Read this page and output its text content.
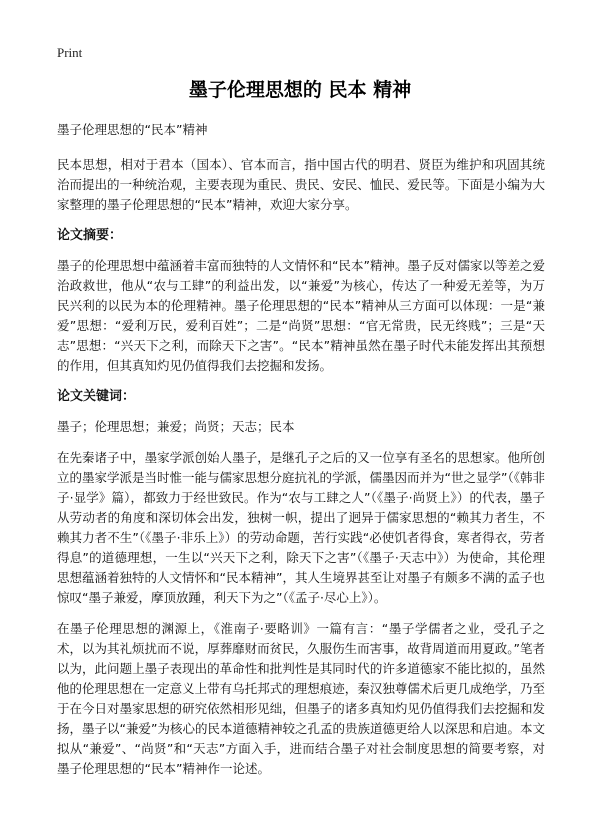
Print
墨子伦理思想的 民本 精神

墨子伦理思想的“民本”精神

民本思想，相对于君本（国本）、官本而言，指中国古代的明君、贤臣为维护和巩固其统治而提出的一种统治观，主要表现为重民、贵民、安民、恤民、爱民等。下面是小编为大家整理的墨子伦理思想的“民本”精神，欢迎大家分享。

论文摘要：

墨子的伦理思想中蕴涵着丰富而独特的人文情怀和“民本”精神。墨子反对儒家以等差之爱治政救世，他从“农与工肆”的利益出发，以“兼爱”为核心，传达了一种爱无差等，为万民兴利的以民为本的伦理精神。墨子伦理思想的“民本”精神从三方面可以体现：一是“兼爱”思想：“爱利万民，爱利百姓”；二是“尚贤”思想：“官无常贵，民无终贱”；三是“天志”思想：“兴天下之利，而除天下之害”。“民本”精神虽然在墨子时代未能发挥出其预想的作用，但其真知灼见仍值得我们去挖掘和发扬。

论文关键词：

墨子；伦理思想；兼爱；尚贤；天志；民本

在先秦诸子中，墨家学派创始人墨子，是继孔子之后的又一位享有圣名的思想家。他所创立的墨家学派是当时惟一能与儒家思想分庭抗礼的学派，儒墨因而并为“世之显学”（《韩非子·显学》篇），都致力于经世致民。作为“农与工肆之人”（《墨子·尚贤上》）的代表，墨子从劳动者的角度和深切体会出发，独树一帜，提出了迥异于儒家思想的“赖其力者生，不赖其力者不生”（《墨子·非乐上》）的劳动命题，苦行实践“必使饥者得食，寒者得衣，劳者得息”的道德理想，一生以“兴天下之利，除天下之害”（《墨子·天志中》）为使命，其伦理思想蕴涵着独特的人文情怀和“民本精神”，其人生境界甚至让对墨子有颇多不满的孟子也惊叹“墨子兼爱，摩顶放踵，利天下为之”（《孟子·尽心上》）。

在墨子伦理思想的渊源上，《淮南子·要略训》一篇有言：“墨子学儒者之业，受孔子之术，以为其礼烦扰而不说，厚葬靡财而贫民，久服伤生而害事，故背周道而用夏政。”笔者以为，此问题上墨子表现出的革命性和批判性是其同时代的许多道德家不能比拟的，虽然他的伦理思想在一定意义上带有乌托邦式的理想痕迹，秦汉独尊儒术后更几成绝学，乃至于在今日对墨家思想的研究依然相形见绌，但墨子的诸多真知灼见仍值得我们去挖掘和发扬，墨子以“兼爱”为核心的民本道德精神较之孔孟的贵族道德更给人以深思和启迪。本文拟从“兼爱”、“尚贤”和“天志”方面入手，进而结合墨子对社会制度思想的简要考察，对墨子伦理思想的“民本”精神作一论述。
